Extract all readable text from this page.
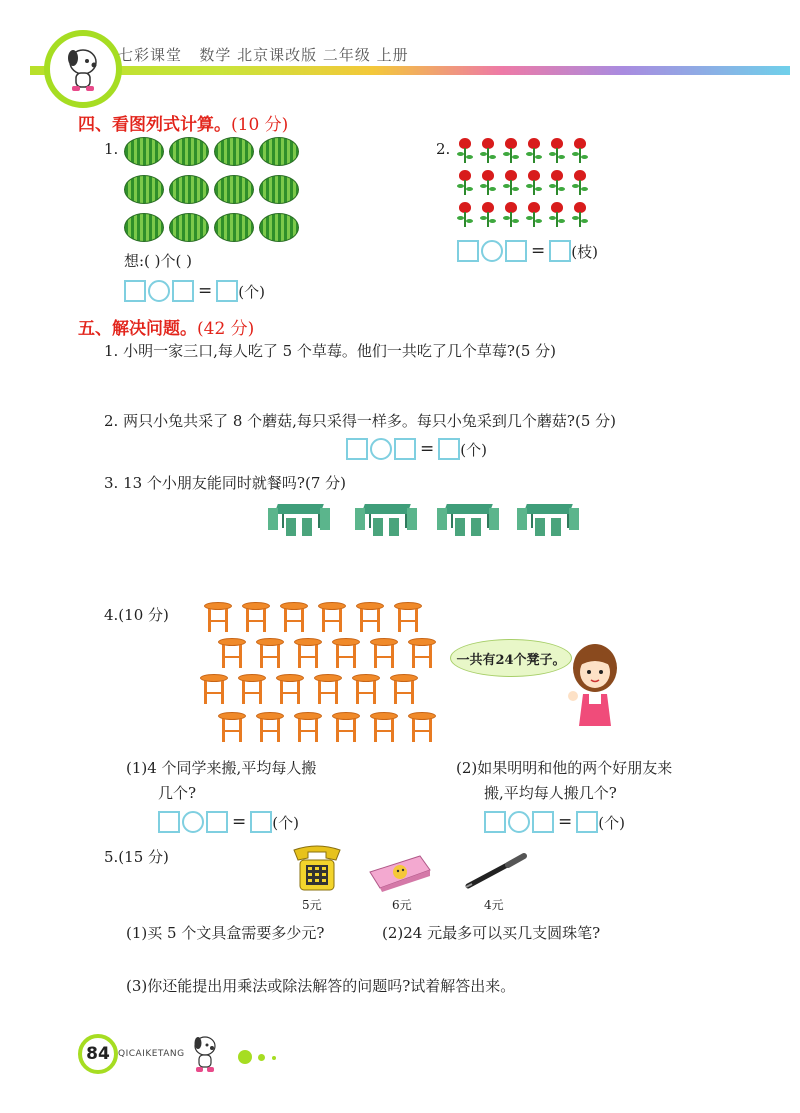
七彩课堂 数学 北京课改版 二年级 上册
四、看图列式计算。(10 分)
1.
想:( )个( )
= (个)
2.
= (枝)
五、解决问题。(42 分)
1. 小明一家三口,每人吃了 5 个草莓。他们一共吃了几个草莓?(5 分)
2. 两只小兔共采了 8 个蘑菇,每只采得一样多。每只小兔采到几个蘑菇?(5 分)
= (个)
3. 13 个小朋友能同时就餐吗?(7 分)
4.(10 分)
一共有24个凳子。
(1)4 个同学来搬,平均每人搬
几个?
= (个)
(2)如果明明和他的两个好朋友来
搬,平均每人搬几个?
= (个)
5.(15 分)
5元	6元	4元
(1)买 5 个文具盒需要多少元?	(2)24 元最多可以买几支圆珠笔?
(3)你还能提出用乘法或除法解答的问题吗?试着解答出来。
84 QICAIKETANG
